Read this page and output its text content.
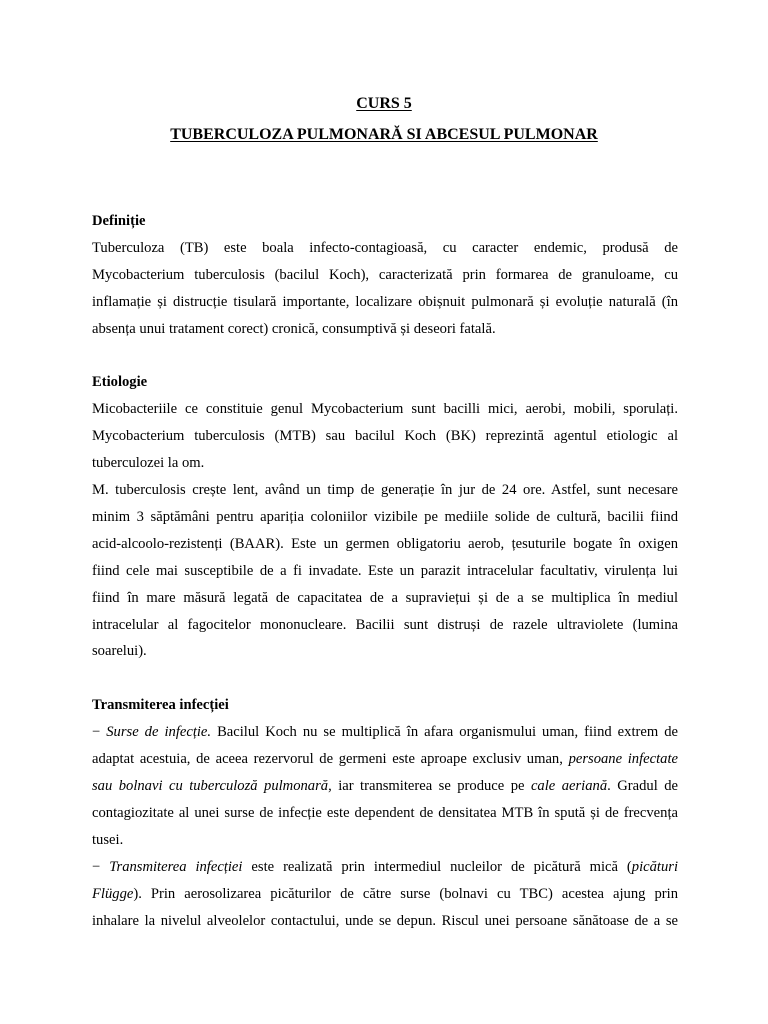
CURS 5

TUBERCULOZA PULMONARĂ SI ABCESUL PULMONAR

Definiție

Tuberculoza (TB) este boala infecto-contagioasă, cu caracter endemic, produsă de
Mycobacterium tuberculosis (bacilul Koch), caracterizată prin formarea de granuloame, cu
inflamație și distrucție tisulară importante, localizare obișnuit pulmonară și evoluție naturală (în
absența unui tratament corect) cronică, consumptivă și deseori fatală.

Etiologie

Micobacteriile ce constituie genul Mycobacterium sunt bacilli mici, aerobi, mobili, sporulați.
Mycobacterium tuberculosis (MTB) sau bacilul Koch (BK) reprezintă agentul etiologic al
tuberculozei la om.
M. tuberculosis crește lent, având un timp de generație în jur de 24 ore. Astfel, sunt necesare
minim 3 săptămâni pentru apariția coloniilor vizibile pe mediile solide de cultură, bacilii fiind
acid-alcoolo-rezistenți (BAAR). Este un germen obligatoriu aerob, țesuturile bogate în oxigen
fiind cele mai susceptibile de a fi invadate. Este un parazit intracelular facultativ, virulența lui
fiind în mare măsură legată de capacitatea de a supraviețui și de a se multiplica în mediul
intracelular al fagocitelor mononucleare. Bacilii sunt distruși de razele ultraviolete (lumina
soarelui).

Transmiterea infecției

− Surse de infecție. Bacilul Koch nu se multiplică în afara organismului uman, fiind extrem de
adaptat acestuia, de aceea rezervorul de germeni este aproape exclusiv uman, persoane infectate
sau bolnavi cu tuberculoză pulmonară, iar transmiterea se produce pe cale aeriană. Gradul de
contagiozitate al unei surse de infecție este dependent de densitatea MTB în spută și de frecvența
tusei.
− Transmiterea infecției este realizată prin intermediul nucleilor de picătură mică (picături
Flügge). Prin aerosolizarea picăturilor de către surse (bolnavi cu TBC) acestea ajung prin
inhalare la nivelul alveolelor contactului, unde se depun. Riscul unei persoane sănătoase de a se
